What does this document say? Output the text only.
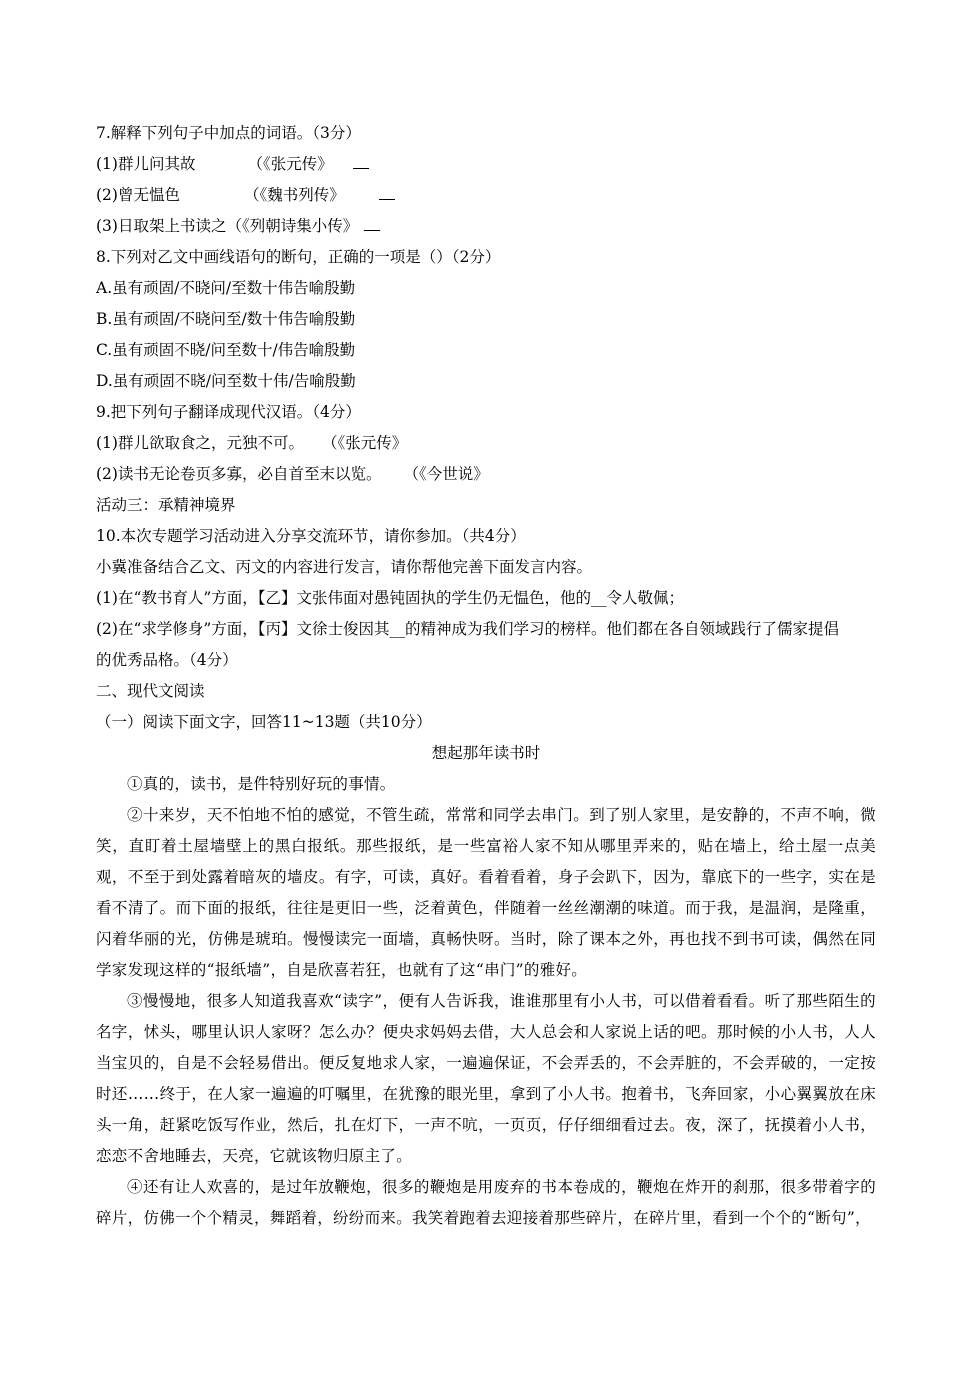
7.解释下列句子中加点的词语。（3分）
(1)群儿问其故	（《张元传》
(2)曾无愠色	（《魏书列传》
(3)日取架上书读之（《列朝诗集小传》
8.下列对乙文中画线语句的断句，正确的一项是（）（2分）
A.虽有顽固/不晓问/至数十伟告喻殷勤
B.虽有顽固/不晓问至/数十伟告喻殷勤
C.虽有顽固不晓/问至数十/伟告喻殷勤
D.虽有顽固不晓/问至数十伟/告喻殷勤
9.把下列句子翻译成现代汉语。（4分）
(1)群儿欲取食之，元独不可。 （《张元传》
(2)读书无论卷页多寡，必自首至末以览。 （《今世说》
活动三：承精神境界
10.本次专题学习活动进入分享交流环节，请你参加。（共4分）
小冀准备结合乙文、丙文的内容进行发言，请你帮他完善下面发言内容。
(1)在“教书育人”方面，【乙】文张伟面对愚钝固执的学生仍无愠色，他的__令人敬佩；
(2)在“求学修身”方面，【丙】文徐士俊因其__的精神成为我们学习的榜样。他们都在各自领域践行了儒家提倡
的优秀品格。（4分）
二、现代文阅读
（一）阅读下面文字，回答11~13题（共10分）
想起那年读书时
①真的，读书，是件特别好玩的事情。
②十来岁，天不怕地不怕的感觉，不管生疏，常常和同学去串门。到了别人家里，是安静的，不声不响，微笑，直盯着土屋墙壁上的黑白报纸。那些报纸，是一些富裕人家不知从哪里弄来的，贴在墙上，给土屋一点美观，不至于到处露着暗灰的墙皮。有字，可读，真好。看着看着，身子会趴下，因为，靠底下的一些字，实在是看不清了。而下面的报纸，往往是更旧一些，泛着黄色，伴随着一丝丝潮潮的味道。而于我，是温润，是隆重，闪着华丽的光，仿佛是琥珀。慢慢读完一面墙，真畅快呀。当时，除了课本之外，再也找不到书可读，偶然在同学家发现这样的“报纸墙”，自是欣喜若狂，也就有了这“串门”的雅好。
③慢慢地，很多人知道我喜欢“读字”，便有人告诉我，谁谁那里有小人书，可以借着看看。听了那些陌生的名字，怵头，哪里认识人家呀？怎么办？便央求妈妈去借，大人总会和人家说上话的吧。那时候的小人书，人人当宝贝的，自是不会轻易借出。便反复地求人家，一遍遍保证，不会弄丢的，不会弄脏的，不会弄破的，一定按时还……终于，在人家一遍遍的叮嘱里，在犹豫的眼光里，拿到了小人书。抱着书，飞奔回家，小心翼翼放在床头一角，赶紧吃饭写作业，然后，扎在灯下，一声不吭，一页页，仔仔细细看过去。夜，深了，抚摸着小人书，恋恋不舍地睡去，天亮，它就该物归原主了。
④还有让人欢喜的，是过年放鞭炮，很多的鞭炮是用废弃的书本卷成的，鞭炮在炸开的刹那，很多带着字的碎片，仿佛一个个精灵，舞蹈着，纷纷而来。我笑着跑着去迎接着那些碎片，在碎片里，看到一个个的“断句”，
